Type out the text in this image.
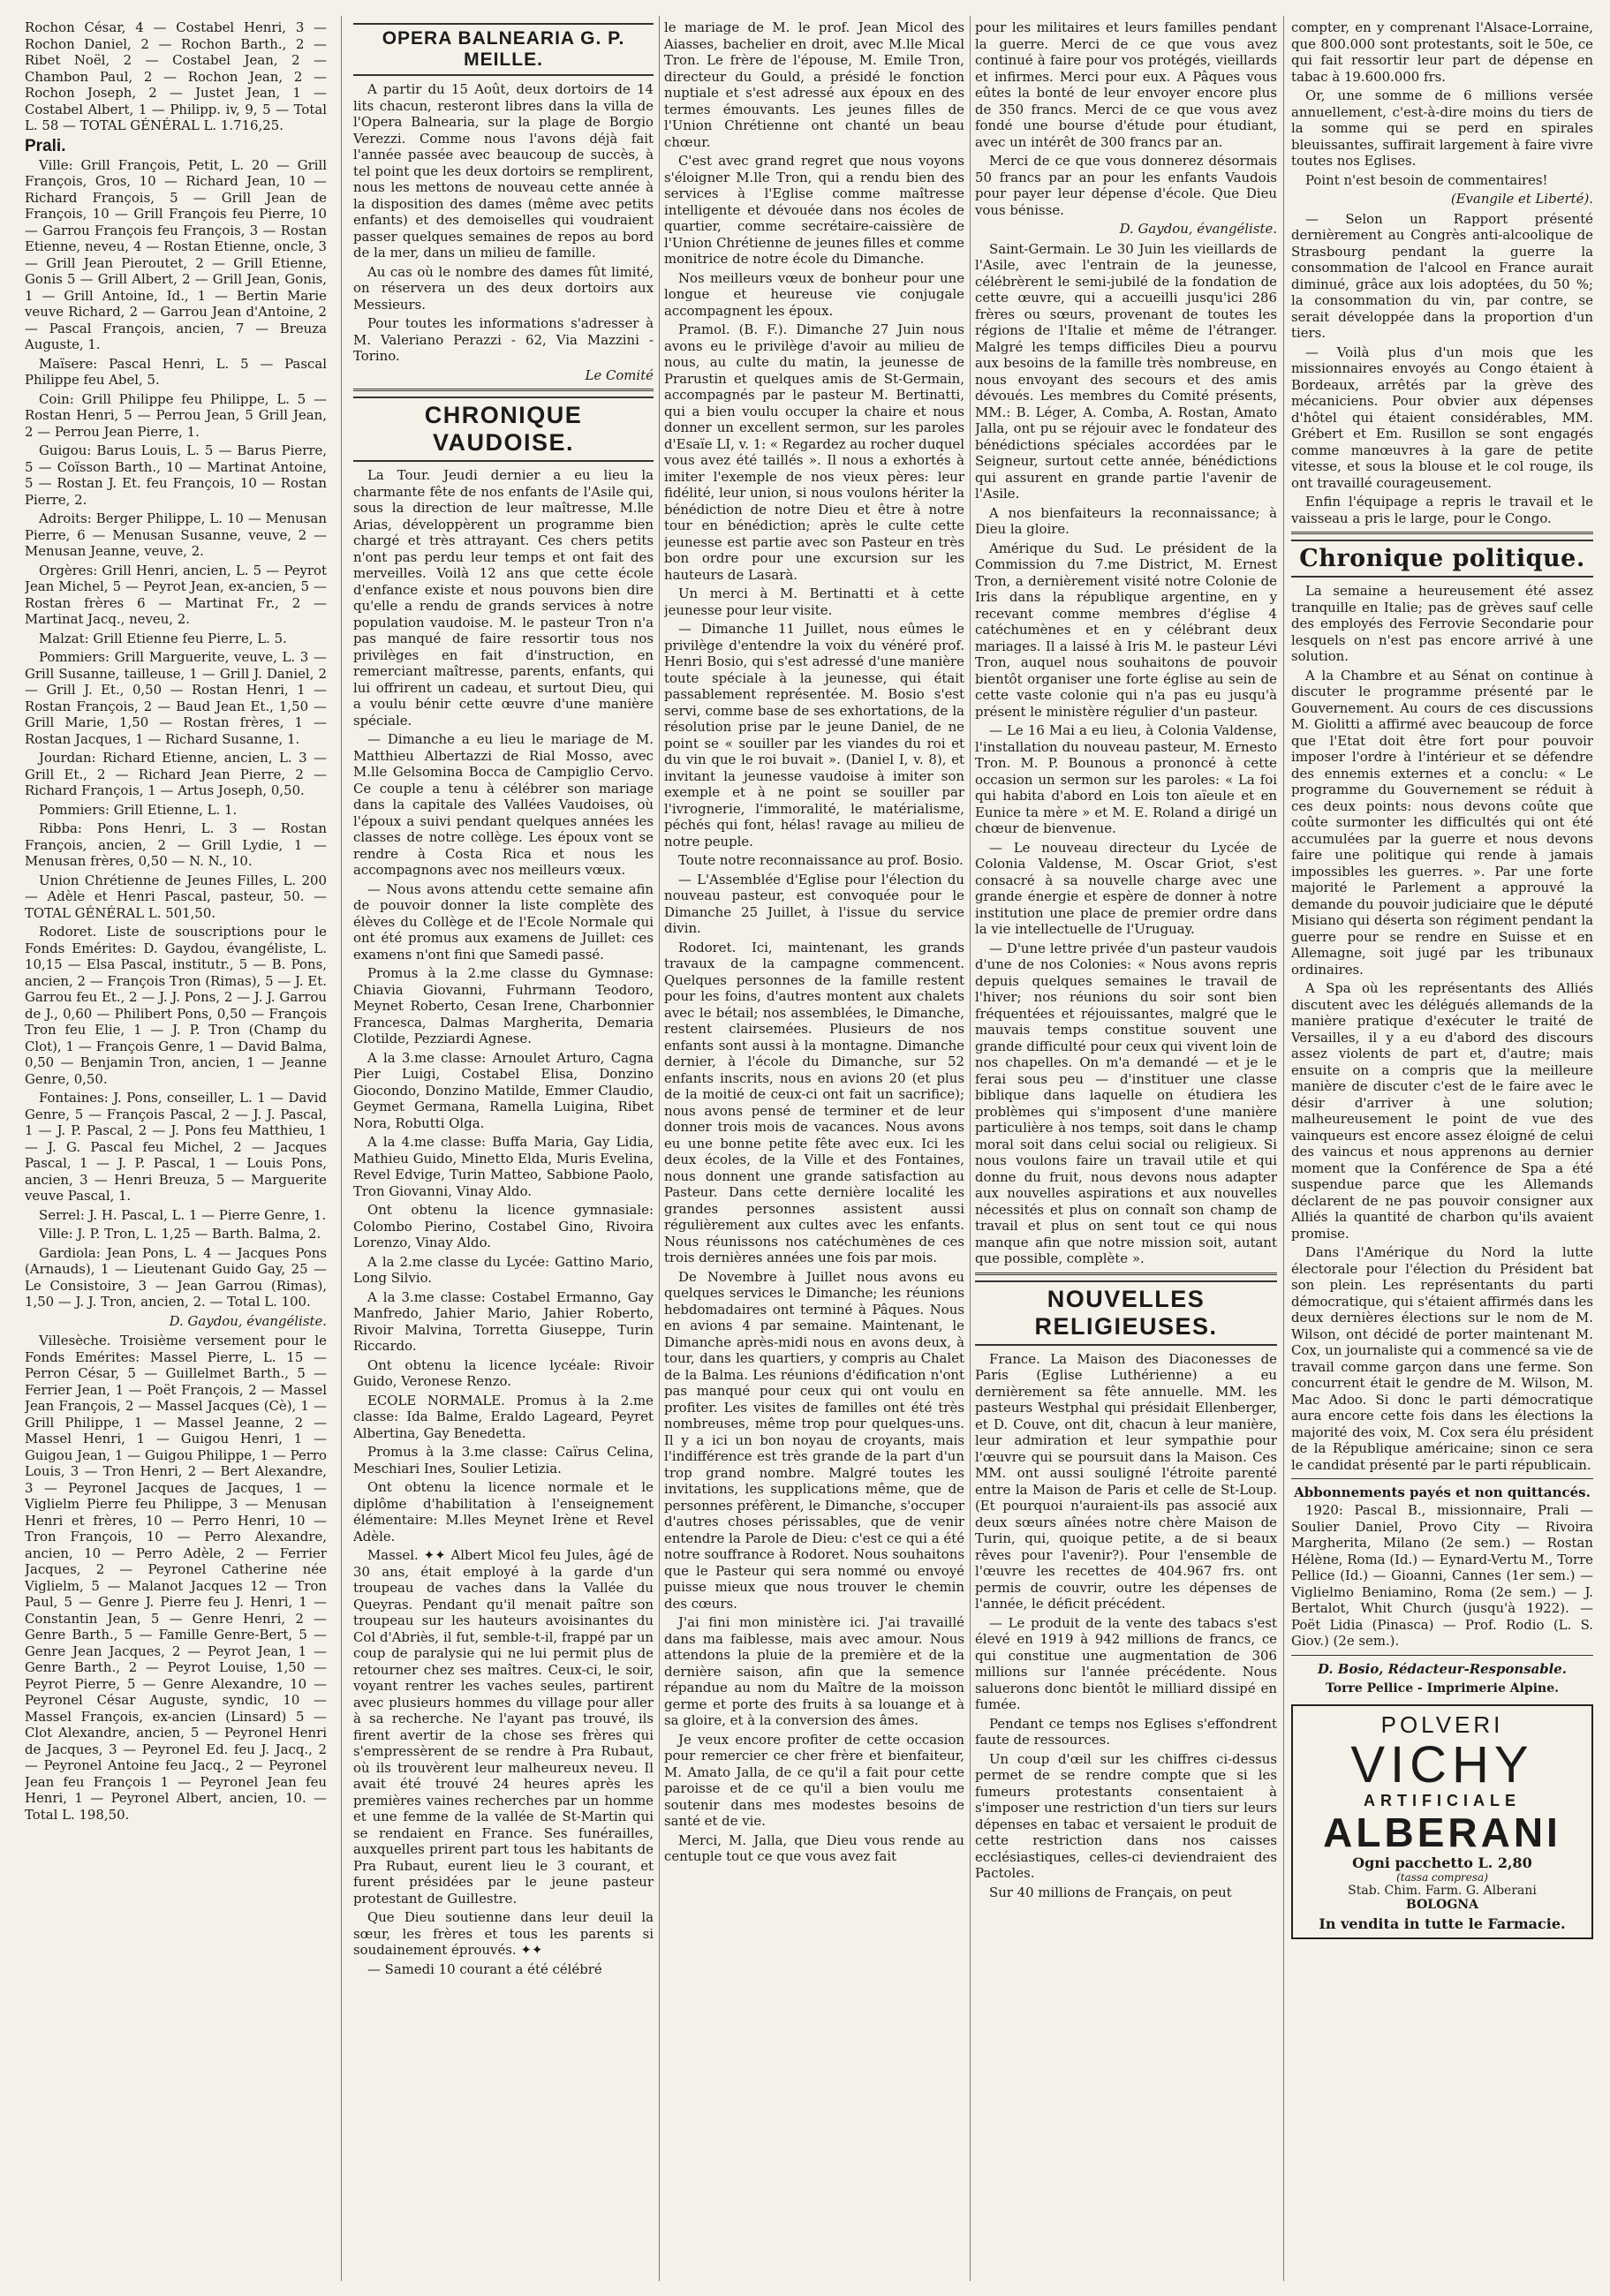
Rochon César, 4 — Costabel Henri, 3 — Rochon Daniel, 2 — Rochon Barth., 2 — Ribet Noël, 2 — Costabel Jean, 2 — Chambon Paul, 2 — Rochon Jean, 2 — Rochon Joseph, 2 — Justet Jean, 1 — Costabel Albert, 1 — Philipp. iv, 9, 5 — Total L. 58 — TOTAL GÉNÉRAL L. 1.716,25.

Prali.

Ville: Grill François, Petit, L. 20 — Grill François, Gros, 10 — Richard Jean, 10 — Richard François, 5 — Grill Jean de François, 10 — Grill François feu Pierre, 10 — Garrou François feu François, 3 — Rostan Etienne, neveu, 4 — Rostan Etienne, oncle, 3 — Grill Jean Pieroutet, 2 — Grill Etienne, Gonis 5 — Grill Albert, 2 — Grill Jean, Gonis, 1 — Grill Antoine, Id., 1 — Bertin Marie veuve Richard, 2 — Garrou Jean d'Antoine, 2 — Pascal François, ancien, 7 — Breuza Auguste, 1.

Maïsere: Pascal Henri, L. 5 — Pascal Philippe feu Abel, 5.

Coin: Grill Philippe feu Philippe, L. 5 — Rostan Henri, 5 — Perrou Jean, 5 Grill Jean, 2 — Perrou Jean Pierre, 1.

Guigou: Barus Louis, L. 5 — Barus Pierre, 5 — Coïsson Barth., 10 — Martinat Antoine, 5 — Rostan J. Et. feu François, 10 — Rostan Pierre, 2.

Adroits: Berger Philippe, L. 10 — Menusan Pierre, 6 — Menusan Susanne, veuve, 2 — Menusan Jeanne, veuve, 2.

Orgères: Grill Henri, ancien, L. 5 — Peyrot Jean Michel, 5 — Peyrot Jean, ex-ancien, 5 — Rostan frères 6 — Martinat Fr., 2 — Martinat Jacq., neveu, 2.

Malzat: Grill Etienne feu Pierre, L. 5.

Pommiers: Grill Marguerite, veuve, L. 3 — Grill Susanne, tailleuse, 1 — Grill J. Daniel, 2 — Grill J. Et., 0,50 — Rostan Henri, 1 — Rostan François, 2 — Baud Jean Et., 1,50 — Grill Marie, 1,50 — Rostan frères, 1 — Rostan Jacques, 1 — Richard Susanne, 1.

Jourdan: Richard Etienne, ancien, L. 3 — Grill Et., 2 — Richard Jean Pierre, 2 — Richard François, 1 — Artus Joseph, 0,50.

Pommiers: Grill Etienne, L. 1.

Ribba: Pons Henri, L. 3 — Rostan François, ancien, 2 — Grill Lydie, 1 — Menusan frères, 0,50 — N. N., 10.

Union Chrétienne de Jeunes Filles, L. 200 — Adèle et Henri Pascal, pasteur, 50. — TOTAL GÉNÉRAL L. 501,50.

Rodoret. Liste de souscriptions pour le Fonds Emérites: D. Gaydou, évangéliste, L. 10,15 — Elsa Pascal, institutr., 5 — B. Pons, ancien, 2 — François Tron (Rimas), 5 — J. Et. Garrou feu Et., 2 — J. J. Pons, 2 — J. J. Garrou de J., 0,60 — Philibert Pons, 0,50 — François Tron feu Elie, 1 — J. P. Tron (Champ du Clot), 1 — François Genre, 1 — David Balma, 0,50 — Benjamin Tron, ancien, 1 — Jeanne Genre, 0,50.

Fontaines: J. Pons, conseiller, L. 1 — David Genre, 5 — François Pascal, 2 — J. J. Pascal, 1 — J. P. Pascal, 2 — J. Pons feu Matthieu, 1 — J. G. Pascal feu Michel, 2 — Jacques Pascal, 1 — J. P. Pascal, 1 — Louis Pons, ancien, 3 — Henri Breuza, 5 — Marguerite veuve Pascal, 1.

Serrel: J. H. Pascal, L. 1 — Pierre Genre, 1.

Ville: J. P. Tron, L. 1,25 — Barth. Balma, 2.

Gardiola: Jean Pons, L. 4 — Jacques Pons (Arnauds), 1 — Lieutenant Guido Gay, 25 — Le Consistoire, 3 — Jean Garrou (Rimas), 1,50 — J. J. Tron, ancien, 2. — Total L. 100.

D. Gaydou, évangéliste.

Villesèche. Troisième versement pour le Fonds Emérites: Massel Pierre, L. 15 — Perron César, 5 — Guillelmet Barth., 5 — Ferrier Jean, 1 — Poët François, 2 — Massel Jean François, 2 — Massel Jacques (Cè), 1 — Grill Philippe, 1 — Massel Jeanne, 2 — Massel Henri, 1 — Guigou Henri, 1 — Guigou Jean, 1 — Guigou Philippe, 1 — Perro Louis, 3 — Tron Henri, 2 — Bert Alexandre, 3 — Peyronel Jacques de Jacques, 1 — Viglielm Pierre feu Philippe, 3 — Menusan Henri et frères, 10 — Perro Henri, 10 — Tron François, 10 — Perro Alexandre, ancien, 10 — Perro Adèle, 2 — Ferrier Jacques, 2 — Peyronel Catherine née Viglielm, 5 — Malanot Jacques 12 — Tron Paul, 5 — Genre J. Pierre feu J. Henri, 1 — Constantin Jean, 5 — Genre Henri, 2 — Genre Barth., 5 — Famille Genre-Bert, 5 — Genre Jean Jacques, 2 — Peyrot Jean, 1 — Genre Barth., 2 — Peyrot Louise, 1,50 — Peyrot Pierre, 5 — Genre Alexandre, 10 — Peyronel César Auguste, syndic, 10 — Massel François, ex-ancien (Linsard) 5 — Clot Alexandre, ancien, 5 — Peyronel Henri de Jacques, 3 — Peyronel Ed. feu J. Jacq., 2 — Peyronel Antoine feu Jacq., 2 — Peyronel Jean feu François 1 — Peyronel Jean feu Henri, 1 — Peyronel Albert, ancien, 10. — Total L. 198,50.

OPERA BALNEARIA G. P. MEILLE.

A partir du 15 Août, deux dortoirs de 14 lits chacun, resteront libres dans la villa de l'Opera Balnearia, sur la plage de Borgio Verezzi. Comme nous l'avons déjà fait l'année passée avec beaucoup de succès, à tel point que les deux dortoirs se remplirent, nous les mettons de nouveau cette année à la disposition des dames (même avec petits enfants) et des demoiselles qui voudraient passer quelques semaines de repos au bord de la mer, dans un milieu de famille.

Au cas où le nombre des dames fût limité, on réservera un des deux dortoirs aux Messieurs.

Pour toutes les informations s'adresser à M. Valeriano Perazzi - 62, Via Mazzini - Torino.

Le Comité

CHRONIQUE VAUDOISE.

La Tour. Jeudi dernier a eu lieu la charmante fête de nos enfants de l'Asile qui, sous la direction de leur maîtresse, M.lle Arias, développèrent un programme bien chargé et très attrayant. Ces chers petits n'ont pas perdu leur temps et ont fait des merveilles. Voilà 12 ans que cette école d'enfance existe et nous pouvons bien dire qu'elle a rendu de grands services à notre population vaudoise. M. le pasteur Tron n'a pas manqué de faire ressortir tous nos privilèges en fait d'instruction, en remerciant maîtresse, parents, enfants, qui lui offrirent un cadeau, et surtout Dieu, qui a voulu bénir cette œuvre d'une manière spéciale.

— Dimanche a eu lieu le mariage de M. Matthieu Albertazzi de Rial Mosso, avec M.lle Gelsomina Bocca de Campiglio Cervo. Ce couple a tenu à célébrer son mariage dans la capitale des Vallées Vaudoises, où l'époux a suivi pendant quelques années les classes de notre collège. Les époux vont se rendre à Costa Rica et nous les accompagnons avec nos meilleurs vœux.

— Nous avons attendu cette semaine afin de pouvoir donner la liste complète des élèves du Collège et de l'Ecole Normale qui ont été promus aux examens de Juillet: ces examens n'ont fini que Samedi passé.

Promus à la 2.me classe du Gymnase: Chiavia Giovanni, Fuhrmann Teodoro, Meynet Roberto, Cesan Irene, Charbonnier Francesca, Dalmas Margherita, Demaria Clotilde, Pezziardi Agnese.

A la 3.me classe: Arnoulet Arturo, Cagna Pier Luigi, Costabel Elisa, Donzino Giocondo, Donzino Matilde, Emmer Claudio, Geymet Germana, Ramella Luigina, Ribet Nora, Robutti Olga.

A la 4.me classe: Buffa Maria, Gay Lidia, Mathieu Guido, Minetto Elda, Muris Evelina, Revel Edvige, Turin Matteo, Sabbione Paolo, Tron Giovanni, Vinay Aldo.

Ont obtenu la licence gymnasiale: Colombo Pierino, Costabel Gino, Rivoira Lorenzo, Vinay Aldo.

A la 2.me classe du Lycée: Gattino Mario, Long Silvio.

A la 3.me classe: Costabel Ermanno, Gay Manfredo, Jahier Mario, Jahier Roberto, Rivoir Malvina, Torretta Giuseppe, Turin Riccardo.

Ont obtenu la licence lycéale: Rivoir Guido, Veronese Renzo.

ECOLE NORMALE. Promus à la 2.me classe: Ida Balme, Eraldo Lageard, Peyret Albertina, Gay Benedetta.

Promus à la 3.me classe: Caïrus Celina, Meschiari Ines, Soulier Letizia.

Ont obtenu la licence normale et le diplôme d'habilitation à l'enseignement élémentaire: M.lles Meynet Irène et Revel Adèle.

Massel. ✦✦ Albert Micol feu Jules, âgé de 30 ans, était employé à la garde d'un troupeau de vaches dans la Vallée du Queyras. Pendant qu'il menait paître son troupeau sur les hauteurs avoisinantes du Col d'Abriès, il fut, semble-t-il, frappé par un coup de paralysie qui ne lui permit plus de retourner chez ses maîtres. Ceux-ci, le soir, voyant rentrer les vaches seules, partirent avec plusieurs hommes du village pour aller à sa recherche. Ne l'ayant pas trouvé, ils firent avertir de la chose ses frères qui s'empressèrent de se rendre à Pra Rubaut, où ils trouvèrent leur malheureux neveu. Il avait été trouvé 24 heures après les premières vaines recherches par un homme et une femme de la vallée de St-Martin qui se rendaient en France. Ses funérailles, auxquelles prirent part tous les habitants de Pra Rubaut, eurent lieu le 3 courant, et furent présidées par le jeune pasteur protestant de Guillestre.

Que Dieu soutienne dans leur deuil la sœur, les frères et tous les parents si soudainement éprouvés. ✦✦

— Samedi 10 courant a été célébré

le mariage de M. le prof. Jean Micol des Aiasses, bachelier en droit, avec M.lle Mical Tron. Le frère de l'épouse, M. Emile Tron, directeur du Gould, a présidé le fonction nuptiale et s'est adressé aux époux en des termes émouvants. Les jeunes filles de l'Union Chrétienne ont chanté un beau chœur.

C'est avec grand regret que nous voyons s'éloigner M.lle Tron, qui a rendu bien des services à l'Eglise comme maîtresse intelligente et dévouée dans nos écoles de quartier, comme secrétaire-caissière de l'Union Chrétienne de jeunes filles et comme monitrice de notre école du Dimanche.

Nos meilleurs vœux de bonheur pour une longue et heureuse vie conjugale accompagnent les époux.

Pramol. (B. F.). Dimanche 27 Juin nous avons eu le privilège d'avoir au milieu de nous, au culte du matin, la jeunesse de Prarustin et quelques amis de St-Germain, accompagnés par le pasteur M. Bertinatti, qui a bien voulu occuper la chaire et nous donner un excellent sermon, sur les paroles d'Esaïe LI, v. 1: « Regardez au rocher duquel vous avez été taillés ». Il nous a exhortés à imiter l'exemple de nos vieux pères: leur fidélité, leur union, si nous voulons hériter la bénédiction de notre Dieu et être à notre tour en bénédiction; après le culte cette jeunesse est partie avec son Pasteur en très bon ordre pour une excursion sur les hauteurs de Lasarà.

Un merci à M. Bertinatti et à cette jeunesse pour leur visite.

— Dimanche 11 Juillet, nous eûmes le privilège d'entendre la voix du vénéré prof. Henri Bosio, qui s'est adressé d'une manière toute spéciale à la jeunesse, qui était passablement représentée. M. Bosio s'est servi, comme base de ses exhortations, de la résolution prise par le jeune Daniel, de ne point se « souiller par les viandes du roi et du vin que le roi buvait ». (Daniel I, v. 8), et invitant la jeunesse vaudoise à imiter son exemple et à ne point se souiller par l'ivrognerie, l'immoralité, le matérialisme, péchés qui font, hélas! ravage au milieu de notre peuple.

Toute notre reconnaissance au prof. Bosio.

— L'Assemblée d'Eglise pour l'élection du nouveau pasteur, est convoquée pour le Dimanche 25 Juillet, à l'issue du service divin.

Rodoret. Ici, maintenant, les grands travaux de la campagne commencent. Quelques personnes de la famille restent pour les foins, d'autres montent aux chalets avec le bétail; nos assemblées, le Dimanche, restent clairsemées. Plusieurs de nos enfants sont aussi à la montagne. Dimanche dernier, à l'école du Dimanche, sur 52 enfants inscrits, nous en avions 20 (et plus de la moitié de ceux-ci ont fait un sacrifice); nous avons pensé de terminer et de leur donner trois mois de vacances. Nous avons eu une bonne petite fête avec eux. Ici les deux écoles, de la Ville et des Fontaines, nous donnent une grande satisfaction au Pasteur. Dans cette dernière localité les grandes personnes assistent aussi régulièrement aux cultes avec les enfants. Nous réunissons nos catéchumènes de ces trois dernières années une fois par mois.

De Novembre à Juillet nous avons eu quelques services le Dimanche; les réunions hebdomadaires ont terminé à Pâques. Nous en avions 4 par semaine. Maintenant, le Dimanche après-midi nous en avons deux, à tour, dans les quartiers, y compris au Chalet de la Balma. Les réunions d'édification n'ont pas manqué pour ceux qui ont voulu en profiter. Les visites de familles ont été très nombreuses, même trop pour quelques-uns. Il y a ici un bon noyau de croyants, mais l'indifférence est très grande de la part d'un trop grand nombre. Malgré toutes les invitations, les supplications même, que de personnes préfèrent, le Dimanche, s'occuper d'autres choses périssables, que de venir entendre la Parole de Dieu: c'est ce qui a été notre souffrance à Rodoret. Nous souhaitons que le Pasteur qui sera nommé ou envoyé puisse mieux que nous trouver le chemin des cœurs.

J'ai fini mon ministère ici. J'ai travaillé dans ma faiblesse, mais avec amour. Nous attendons la pluie de la première et de la dernière saison, afin que la semence répandue au nom du Maître de la moisson germe et porte des fruits à sa louange et à sa gloire, et à la conversion des âmes.

Je veux encore profiter de cette occasion pour remercier ce cher frère et bienfaiteur, M. Amato Jalla, de ce qu'il a fait pour cette paroisse et de ce qu'il a bien voulu me soutenir dans mes modestes besoins de santé et de vie.

Merci, M. Jalla, que Dieu vous rende au centuple tout ce que vous avez fait

pour les militaires et leurs familles pendant la guerre. Merci de ce que vous avez continué à faire pour vos protégés, vieillards et infirmes. Merci pour eux. A Pâques vous eûtes la bonté de leur envoyer encore plus de 350 francs. Merci de ce que vous avez fondé une bourse d'étude pour étudiant, avec un intérêt de 300 francs par an.

Merci de ce que vous donnerez désormais 50 francs par an pour les enfants Vaudois pour payer leur dépense d'école. Que Dieu vous bénisse.

D. Gaydou, évangéliste.

Saint-Germain. Le 30 Juin les vieillards de l'Asile, avec l'entrain de la jeunesse, célébrèrent le semi-jubilé de la fondation de cette œuvre, qui a accueilli jusqu'ici 286 frères ou sœurs, provenant de toutes les régions de l'Italie et même de l'étranger. Malgré les temps difficiles Dieu a pourvu aux besoins de la famille très nombreuse, en nous envoyant des secours et des amis dévoués. Les membres du Comité présents, MM.: B. Léger, A. Comba, A. Rostan, Amato Jalla, ont pu se réjouir avec le fondateur des bénédictions spéciales accordées par le Seigneur, surtout cette année, bénédictions qui assurent en grande partie l'avenir de l'Asile.

A nos bienfaiteurs la reconnaissance; à Dieu la gloire.

Amérique du Sud. Le président de la Commission du 7.me District, M. Ernest Tron, a dernièrement visité notre Colonie de Iris dans la république argentine, en y recevant comme membres d'église 4 catéchumènes et en y célébrant deux mariages. Il a laissé à Iris M. le pasteur Lévi Tron, auquel nous souhaitons de pouvoir bientôt organiser une forte église au sein de cette vaste colonie qui n'a pas eu jusqu'à présent le ministère régulier d'un pasteur.

— Le 16 Mai a eu lieu, à Colonia Valdense, l'installation du nouveau pasteur, M. Ernesto Tron. M. P. Bounous a prononcé à cette occasion un sermon sur les paroles: « La foi qui habita d'abord en Lois ton aïeule et en Eunice ta mère » et M. E. Roland a dirigé un chœur de bienvenue.

— Le nouveau directeur du Lycée de Colonia Valdense, M. Oscar Griot, s'est consacré à sa nouvelle charge avec une grande énergie et espère de donner à notre institution une place de premier ordre dans la vie intellectuelle de l'Uruguay.

— D'une lettre privée d'un pasteur vaudois d'une de nos Colonies: « Nous avons repris depuis quelques semaines le travail de l'hiver; nos réunions du soir sont bien fréquentées et réjouissantes, malgré que le mauvais temps constitue souvent une grande difficulté pour ceux qui vivent loin de nos chapelles. On m'a demandé — et je le ferai sous peu — d'instituer une classe biblique dans laquelle on étudiera les problèmes qui s'imposent d'une manière particulière à nos temps, soit dans le champ moral soit dans celui social ou religieux. Si nous voulons faire un travail utile et qui donne du fruit, nous devons nous adapter aux nouvelles aspirations et aux nouvelles nécessités et plus on connaît son champ de travail et plus on sent tout ce qui nous manque afin que notre mission soit, autant que possible, complète ».

NOUVELLES RELIGIEUSES.

France. La Maison des Diaconesses de Paris (Eglise Luthérienne) a eu dernièrement sa fête annuelle. MM. les pasteurs Westphal qui présidait Ellenberger, et D. Couve, ont dit, chacun à leur manière, leur admiration et leur sympathie pour l'œuvre qui se poursuit dans la Maison. Ces MM. ont aussi souligné l'étroite parenté entre la Maison de Paris et celle de St-Loup. (Et pourquoi n'auraient-ils pas associé aux deux sœurs aînées notre chère Maison de Turin, qui, quoique petite, a de si beaux rêves pour l'avenir?). Pour l'ensemble de l'œuvre les recettes de 404.967 frs. ont permis de couvrir, outre les dépenses de l'année, le déficit précédent.

— Le produit de la vente des tabacs s'est élevé en 1919 à 942 millions de francs, ce qui constitue une augmentation de 306 millions sur l'année précédente. Nous saluerons donc bientôt le milliard dissipé en fumée.

Pendant ce temps nos Eglises s'effondrent faute de ressources.

Un coup d'œil sur les chiffres ci-dessus permet de se rendre compte que si les fumeurs protestants consentaient à s'imposer une restriction d'un tiers sur leurs dépenses en tabac et versaient le produit de cette restriction dans nos caisses ecclésiastiques, celles-ci deviendraient des Pactoles.

Sur 40 millions de Français, on peut

compter, en y comprenant l'Alsace-Lorraine, que 800.000 sont protestants, soit le 50e, ce qui fait ressortir leur part de dépense en tabac à 19.600.000 frs.

Or, une somme de 6 millions versée annuellement, c'est-à-dire moins du tiers de la somme qui se perd en spirales bleuissantes, suffirait largement à faire vivre toutes nos Eglises.

Point n'est besoin de commentaires!

(Evangile et Liberté).

— Selon un Rapport présenté dernièrement au Congrès anti-alcoolique de Strasbourg pendant la guerre la consommation de l'alcool en France aurait diminué, grâce aux lois adoptées, du 50 %; la consommation du vin, par contre, se serait développée dans la proportion d'un tiers.

— Voilà plus d'un mois que les missionnaires envoyés au Congo étaient à Bordeaux, arrêtés par la grève des mécaniciens. Pour obvier aux dépenses d'hôtel qui étaient considérables, MM. Grébert et Em. Rusillon se sont engagés comme manœuvres à la gare de petite vitesse, et sous la blouse et le col rouge, ils ont travaillé courageusement.

Enfin l'équipage a repris le travail et le vaisseau a pris le large, pour le Congo.

Chronique politique.

La semaine a heureusement été assez tranquille en Italie; pas de grèves sauf celle des employés des Ferrovie Secondarie pour lesquels on n'est pas encore arrivé à une solution.

A la Chambre et au Sénat on continue à discuter le programme présenté par le Gouvernement. Au cours de ces discussions M. Giolitti a affirmé avec beaucoup de force que l'Etat doit être fort pour pouvoir imposer l'ordre à l'intérieur et se défendre des ennemis externes et a conclu: « Le programme du Gouvernement se réduit à ces deux points: nous devons coûte que coûte surmonter les difficultés qui ont été accumulées par la guerre et nous devons faire une politique qui rende à jamais impossibles les guerres. ». Par une forte majorité le Parlement a approuvé la demande du pouvoir judiciaire que le député Misiano qui déserta son régiment pendant la guerre pour se rendre en Suisse et en Allemagne, soit jugé par les tribunaux ordinaires.

A Spa où les représentants des Alliés discutent avec les délégués allemands de la manière pratique d'exécuter le traité de Versailles, il y a eu d'abord des discours assez violents de part et, d'autre; mais ensuite on a compris que la meilleure manière de discuter c'est de le faire avec le désir d'arriver à une solution; malheureusement le point de vue des vainqueurs est encore assez éloigné de celui des vaincus et nous apprenons au dernier moment que la Conférence de Spa a été suspendue parce que les Allemands déclarent de ne pas pouvoir consigner aux Alliés la quantité de charbon qu'ils avaient promise.

Dans l'Amérique du Nord la lutte électorale pour l'élection du Président bat son plein. Les représentants du parti démocratique, qui s'étaient affirmés dans les deux dernières élections sur le nom de M. Wilson, ont décidé de porter maintenant M. Cox, un journaliste qui a commencé sa vie de travail comme garçon dans une ferme. Son concurrent était le gendre de M. Wilson, M. Mac Adoo. Si donc le parti démocratique aura encore cette fois dans les élections la majorité des voix, M. Cox sera élu président de la République américaine; sinon ce sera le candidat présenté par le parti républicain.

Abbonnements payés et non quittancés.

1920: Pascal B., missionnaire, Prali — Soulier Daniel, Provo City — Rivoira Margherita, Milano (2e sem.) — Rostan Hélène, Roma (Id.) — Eynard-Vertu M., Torre Pellice (Id.) — Gioanni, Cannes (1er sem.) — Viglielmo Beniamino, Roma (2e sem.) — J. Bertalot, Whit Church (jusqu'à 1922). — Poët Lidia (Pinasca) — Prof. Rodio (L. S. Giov.) (2e sem.).

D. Bosio, Rédacteur-Responsable.

Torre Pellice - Imprimerie Alpine.

POLVERI
VICHY
ARTIFICIALE
ALBERANI
Ogni pacchetto L. 2,80
(tassa compresa)
Stab. Chim. Farm. G. Alberani
BOLOGNA
In vendita in tutte le Farmacie.
